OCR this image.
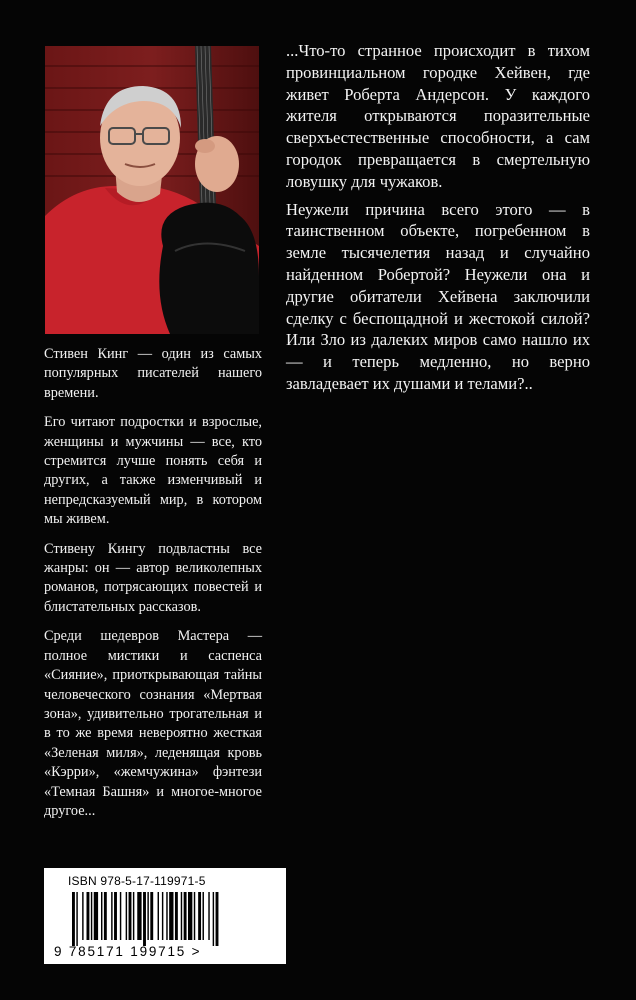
Стивен Кинг — один из самых популярных писателей нашего времени.

Его читают подростки и взрослые, женщины и мужчины — все, кто стремится лучше понять себя и других, а также изменчивый и непредсказуемый мир, в котором мы живем.

Стивену Кингу подвластны все жанры: он — автор великолепных романов, потрясающих повестей и блистательных рассказов.

Среди шедевров Мастера — полное мистики и саспенса «Сияние», приоткрывающая тайны человеческого сознания «Мертвая зона», удивительно трогательная и в то же время невероятно жесткая «Зеленая миля», леденящая кровь «Кэрри», «жемчужина» фэнтези «Темная Башня» и многое-многое другое...

...Что-то странное происходит в тихом провинциальном городке Хейвен, где живет Роберта Андерсон. У каждого жителя открываются поразительные сверхъестественные способности, а сам городок превращается в смертельную ловушку для чужаков.

Неужели причина всего этого — в таинственном объекте, погребенном в земле тысячелетия назад и случайно найденном Робертой? Неужели она и другие обитатели Хейвена заключили сделку с беспощадной и жестокой силой? Или Зло из далеких миров само нашло их — и теперь медленно, но верно завладевает их душами и телами?..

ISBN 978-5-17-119971-5
9 785171 199715 >
